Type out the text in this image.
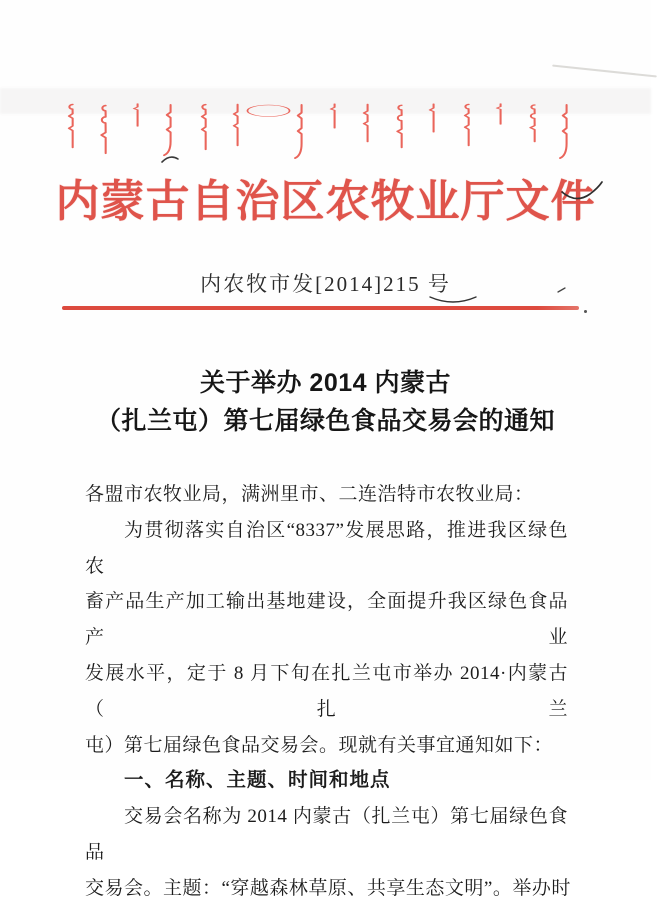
内蒙古自治区农牧业厅文件
内农牧市发[2014]215 号
关于举办 2014 内蒙古
（扎兰屯）第七届绿色食品交易会的通知
各盟市农牧业局，满洲里市、二连浩特市农牧业局：
为贯彻落实自治区“8337”发展思路，推进我区绿色农
畜产品生产加工输出基地建设，全面提升我区绿色食品产业
发展水平，定于 8 月下旬在扎兰屯市举办 2014·内蒙古（扎兰
屯）第七届绿色食品交易会。现就有关事宜通知如下：
一、名称、主题、时间和地点
交易会名称为 2014 内蒙古（扎兰屯）第七届绿色食品
交易会。主题：“穿越森林草原、共享生态文明”。举办时
